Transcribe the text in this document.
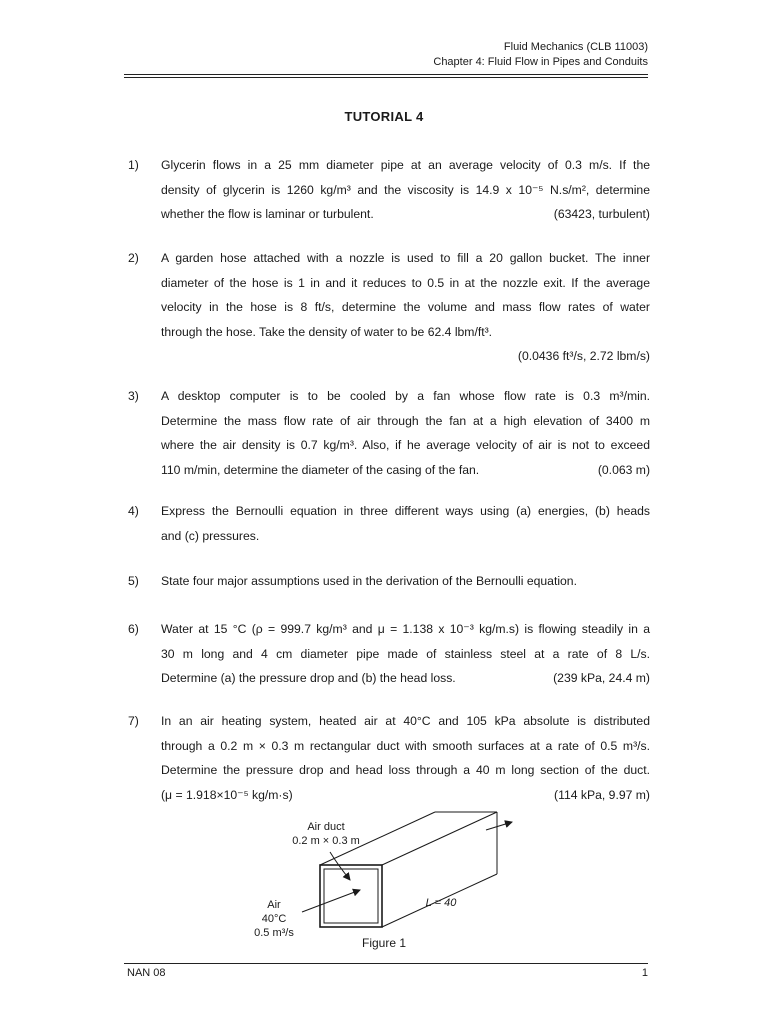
Fluid Mechanics (CLB 11003)
Chapter 4: Fluid Flow in Pipes and Conduits
TUTORIAL 4
1) Glycerin flows in a 25 mm diameter pipe at an average velocity of 0.3 m/s. If the
density of glycerin is 1260 kg/m³ and the viscosity is 14.9 x 10⁻⁵ N.s/m², determine
whether the flow is laminar or turbulent.	(63423, turbulent)
2) A garden hose attached with a nozzle is used to fill a 20 gallon bucket. The inner
diameter of the hose is 1 in and it reduces to 0.5 in at the nozzle exit. If the average
velocity in the hose is 8 ft/s, determine the volume and mass flow rates of water
through the hose. Take the density of water to be 62.4 lbm/ft³.
(0.0436 ft³/s, 2.72 lbm/s)
3) A desktop computer is to be cooled by a fan whose flow rate is 0.3 m³/min.
Determine the mass flow rate of air through the fan at a high elevation of 3400 m
where the air density is 0.7 kg/m³. Also, if he average velocity of air is not to exceed
110 m/min, determine the diameter of the casing of the fan.	(0.063 m)
4) Express the Bernoulli equation in three different ways using (a) energies, (b) heads
and (c) pressures.
5) State four major assumptions used in the derivation of the Bernoulli equation.
6) Water at 15 °C (ρ = 999.7 kg/m³ and μ = 1.138 x 10⁻³ kg/m.s) is flowing steadily in a
30 m long and 4 cm diameter pipe made of stainless steel at a rate of 8 L/s.
Determine (a) the pressure drop and (b) the head loss.	(239 kPa, 24.4 m)
7) In an air heating system, heated air at 40°C and 105 kPa absolute is distributed
through a 0.2 m × 0.3 m rectangular duct with smooth surfaces at a rate of 0.5 m³/s.
Determine the pressure drop and head loss through a 40 m long section of the duct.
(μ = 1.918×10⁻⁵ kg/m·s)	(114 kPa, 9.97 m)
Air duct
0.2 m × 0.3 m
Air
40°C
0.5 m³/s
L = 40
Figure 1
NAN 08	1
